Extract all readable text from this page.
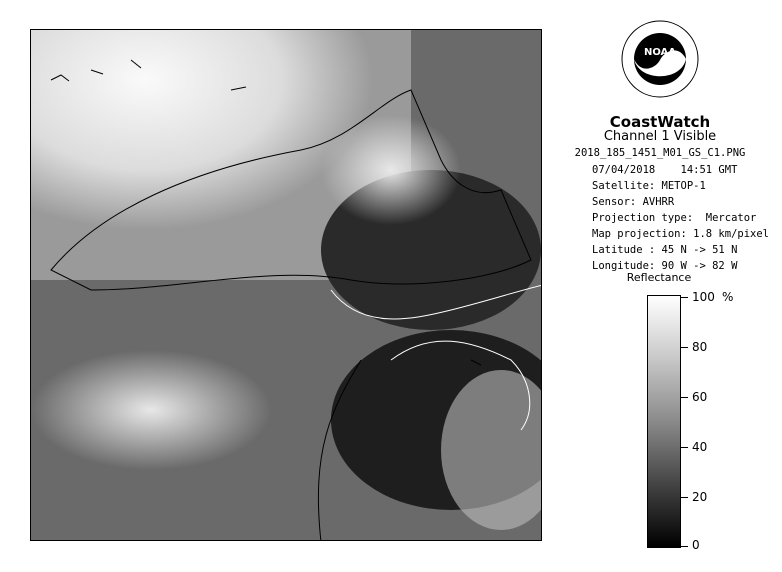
NOAA
CoastWatch
Channel 1 Visible
2018_185_1451_M01_GS_C1.PNG
07/04/2018    14:51 GMT
Satellite: METOP-1
Sensor: AVHRR
Projection type:  Mercator
Map projection: 1.8 km/pixel
Latitude : 45 N -> 51 N
Longitude: 90 W -> 82 W
Reflectance
%
100
80
60
40
20
0
